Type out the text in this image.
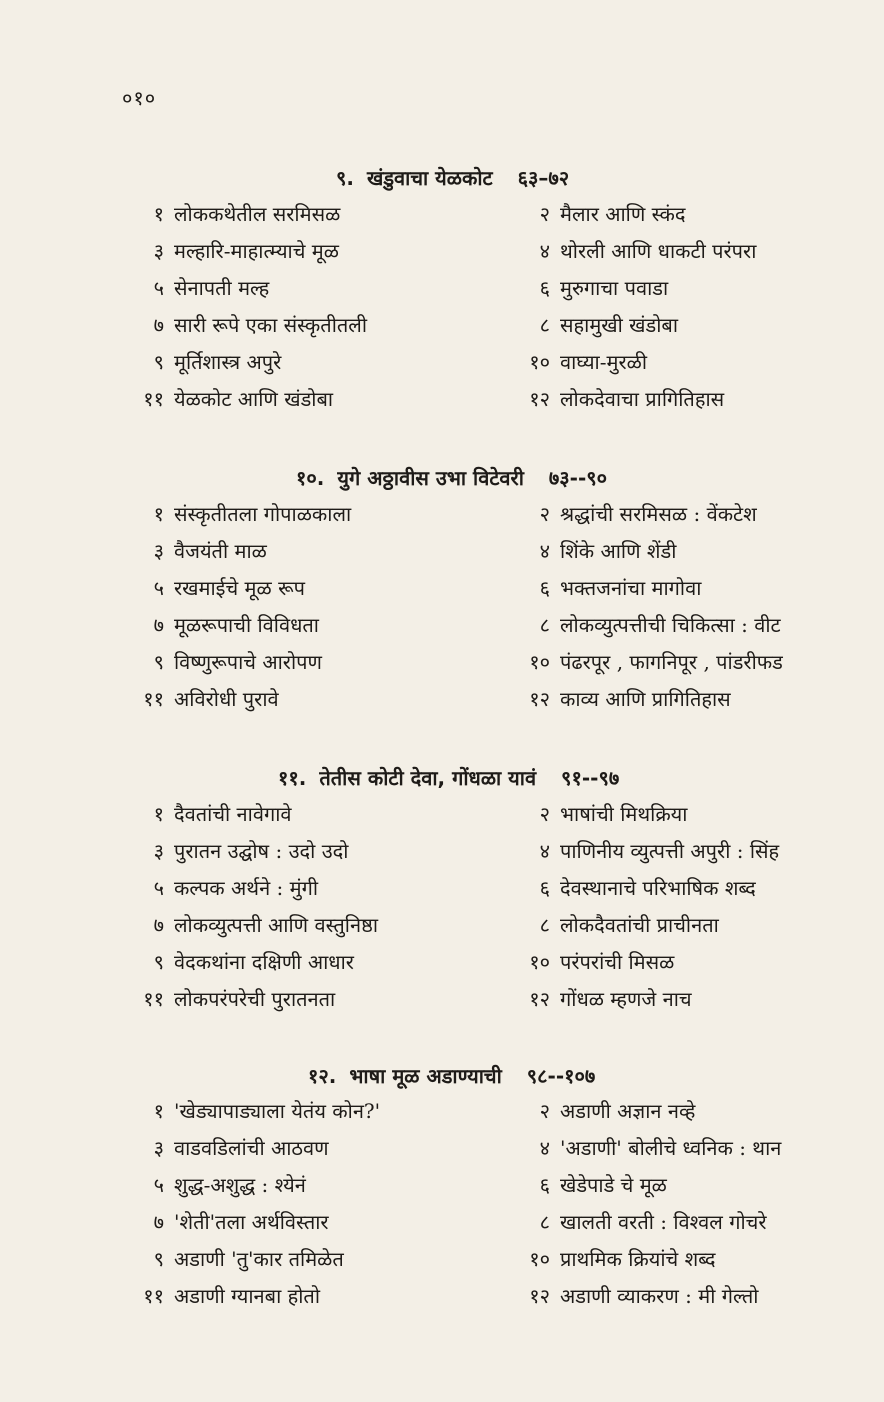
०१०
९. खंडुवाचा येळकोट ६३–७२
१ लोककथेतील सरमिसळ	२ मैलार आणि स्कंद
३ मल्हारि-माहात्म्याचे मूळ	४ थोरली आणि धाकटी परंपरा
५ सेनापती मल्ह	६ मुरुगाचा पवाडा
७ सारी रूपे एका संस्कृतीतली	८ सहामुखी खंडोबा
९ मूर्तिशास्त्र अपुरे	१० वाघ्या-मुरळी
११ येळकोट आणि खंडोबा	१२ लोकदेवाचा प्रागितिहास
१०. युगे अठ्ठावीस उभा विटेवरी ७३--९०
१ संस्कृतीतला गोपाळकाला	२ श्रद्धांची सरमिसळ : वेंकटेश
३ वैजयंती माळ	४ शिंके आणि शेंडी
५ रखमाईचे मूळ रूप	६ भक्तजनांचा मागोवा
७ मूळरूपाची विविधता	८ लोकव्युत्पत्तीची चिकित्सा : वीट
९ विष्णुरूपाचे आरोपण	१० पंढरपूर , फागनिपूर , पांडरीफड
११ अविरोधी पुरावे	१२ काव्य आणि प्रागितिहास
११. तेतीस कोटी देवा, गोंधळा यावं ९१--९७
१ दैवतांची नावेगावे	२ भाषांची मिथक्रिया
३ पुरातन उद्घोष : उदो उदो	४ पाणिनीय व्युत्पत्ती अपुरी : सिंह
५ कल्पक अर्थने : मुंगी	६ देवस्थानाचे परिभाषिक शब्द
७ लोकव्युत्पत्ती आणि वस्तुनिष्ठा	८ लोकदैवतांची प्राचीनता
९ वेदकथांना दक्षिणी आधार	१० परंपरांची मिसळ
११ लोकपरंपरेची पुरातनता	१२ गोंधळ म्हणजे नाच
१२. भाषा मूळ अडाण्याची ९८--१०७
१ 'खेड्यापाड्याला येतंय कोन?'	२ अडाणी अज्ञान नव्हे
३ वाडवडिलांची आठवण	४ 'अडाणी' बोलीचे ध्वनिक : थान
५ शुद्ध-अशुद्ध : श्येनं	६ खेडेपाडे चे मूळ
७ 'शेती'तला अर्थविस्तार	८ खालती वरती : विश्वल गोचरे
९ अडाणी 'तु'कार तमिळेत	१० प्राथमिक क्रियांचे शब्द
११ अडाणी ग्यानबा होतो	१२ अडाणी व्याकरण : मी गेल्तो
